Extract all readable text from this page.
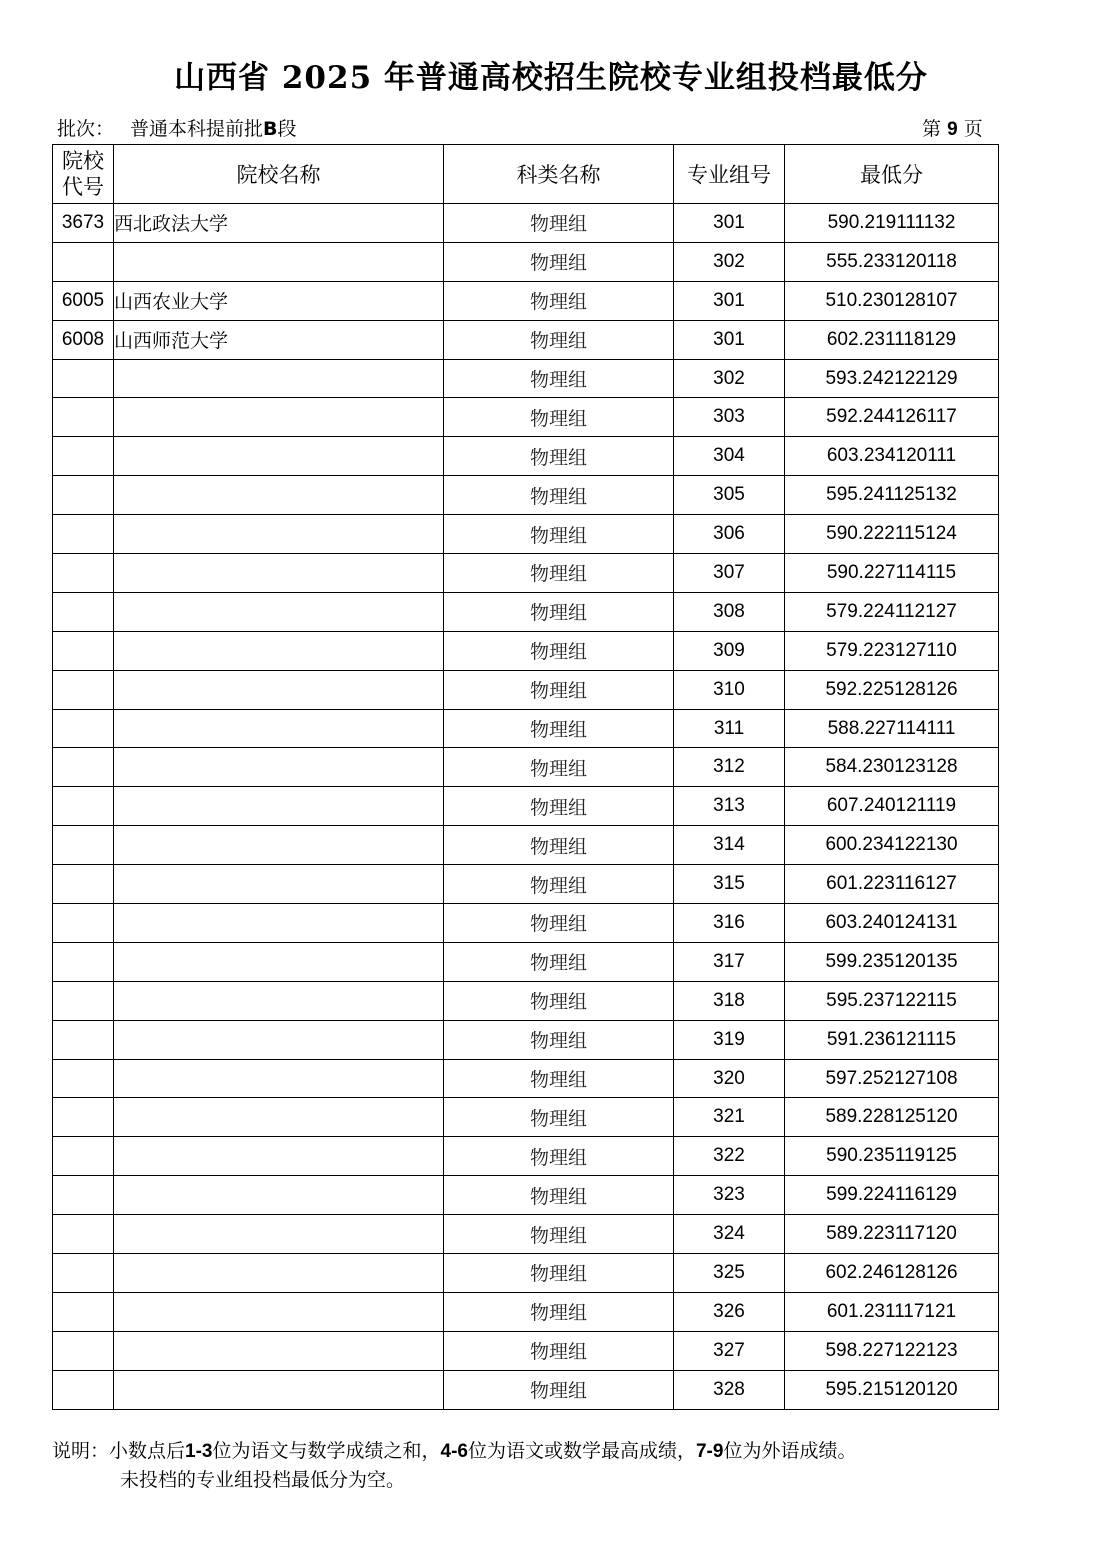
山西省 2025 年普通高校招生院校专业组投档最低分
批次： 普通本科提前批B段	第 9 页
院校
代号	院校名称	科类名称	专业组号	最低分
3673	西北政法大学	物理组	301	590.219111132
		物理组	302	555.233120118
6005	山西农业大学	物理组	301	510.230128107
6008	山西师范大学	物理组	301	602.231118129
		物理组	302	593.242122129
		物理组	303	592.244126117
		物理组	304	603.234120111
		物理组	305	595.241125132
		物理组	306	590.222115124
		物理组	307	590.227114115
		物理组	308	579.224112127
		物理组	309	579.223127110
		物理组	310	592.225128126
		物理组	311	588.227114111
		物理组	312	584.230123128
		物理组	313	607.240121119
		物理组	314	600.234122130
		物理组	315	601.223116127
		物理组	316	603.240124131
		物理组	317	599.235120135
		物理组	318	595.237122115
		物理组	319	591.236121115
		物理组	320	597.252127108
		物理组	321	589.228125120
		物理组	322	590.235119125
		物理组	323	599.224116129
		物理组	324	589.223117120
		物理组	325	602.246128126
		物理组	326	601.231117121
		物理组	327	598.227122123
		物理组	328	595.215120120
说明：小数点后1-3位为语文与数学成绩之和，4-6位为语文或数学最高成绩，7-9位为外语成绩。
未投档的专业组投档最低分为空。
